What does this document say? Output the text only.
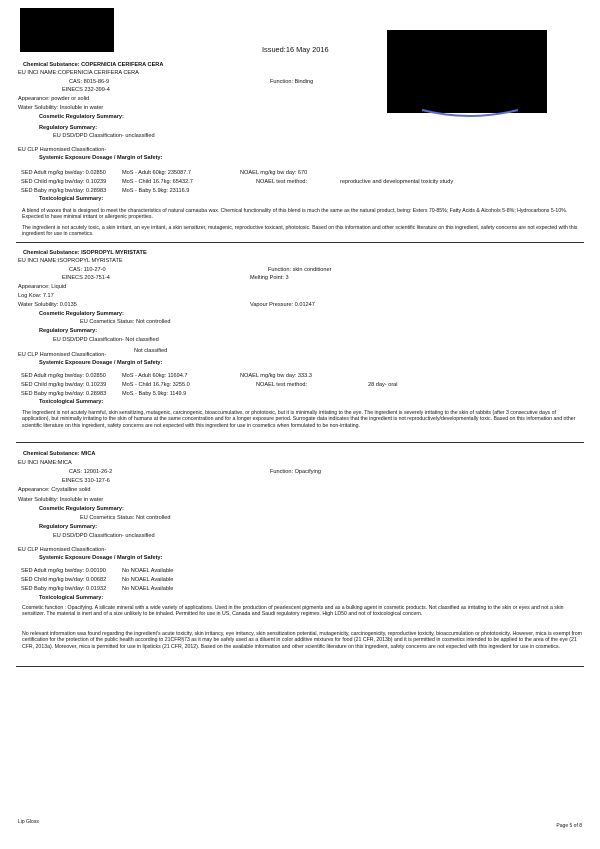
Issued:16 May 2016
Chemical Substance: COPERNICIA CERIFERA CERA
EU INCI NAME:COPERNICIA CERIFERA CERA
CAS: 8015-86-9	Function: Binding
EINECS 232-399-4
Appearance: powder or solid
Water Solubility: Insoluble in water
Cosmetic Regulatory Summary:
Regulatory Summary:
EU DSD/DPD Classification- unclassified
EU CLP Harmonised Classification-
Systemic Exposure Dosage / Margin of Safety:
SED Adult mg/kg bw/day: 0.02850	MoS - Adult 60kg: 235087.7
SED Child mg/kg bw/day: 0.10239	MoS - Child 16.7kg: 65432.7
SED Baby mg/kg bw/day: 0.28983	MoS - Baby 5.9kg: 23116.9
NOAEL mg/kg bw day: 670
NOAEL test method:	reproductive and developmental toxicity study
Toxicological Summary:
A blend of waxes that is designed to meet the characteristics of natural carnauba wax. Chemical functionality of this blend is much the same as the natural product, being: Esters 70-85%; Fatty Acids & Alcohols 5-8%; Hydrocarbons 5-10%. Expected to have minimal irritant or allergenic properties.
The ingredient is not acutely toxic, a skin irritant, an eye irritant, a skin sensitizer, mutagenic, reproductive toxicant, phototoxic. Based on this information and other scientific literature on this ingredient, safety concerns are not expected with this ingredient for use in cosmetics.
Chemical Substance: ISOPROPYL MYRISTATE
EU INCI NAME:ISOPROPYL MYRISTATE
CAS: 110-27-0	Function: skin conditioner
EINECS 203-751-4	Melting Point: 3
Appearance: Liquid
Log Kow: 7.17
Water Solubility: 0.0135	Vapour Pressure: 0.01247
Cosmetic Regulatory Summary:
EU Cosmetics Status: Not controlled
Regulatory Summary:
EU DSD/DPD Classification- Not classified
Not classified
EU CLP Harmonised Classification-
Systemic Exposure Dosage / Margin of Safety:
SED Adult mg/kg bw/day: 0.02850	MoS - Adult 60kg: 11694.7
SED Child mg/kg bw/day: 0.10239	MoS - Child 16.7kg: 3255.0
SED Baby mg/kg bw/day: 0.28983	MoS - Baby 5.9kg: 1149.9
NOAEL mg/kg bw day: 333.3
NOAEL test method:	28 day- oral
Toxicological Summary:
The ingredient is not acutely harmful, skin sensitizing, mutagenic, carcinogenic, bioaccumulative, or phototoxic, but it is minimally irritating to the eye. The ingredient is severely irritating to the skin of rabbits (after 3 consecutive days of application), but minimally irritating to the skin of humans at the same concentration and for a longer exposure period. Surrogate data indicates that the ingredient is not reproductively/developmentally toxic. Based on this information and other scientific literature on this ingredient, safety concerns are not expected with this ingredient for use in cosmetics when formulated to be non-irritating.
Chemical Substance: MICA
EU INCI NAME:MICA
CAS: 12001-26-2	Function: Opacifying
EINECS 310-127-6
Appearance: Crystalline solid
Water Solubility: Insoluble in water
Cosmetic Regulatory Summary:
EU Cosmetics Status: Not controlled
Regulatory Summary:
EU DSD/DPD Classification- unclassified
EU CLP Harmonised Classification-
Systemic Exposure Dosage / Margin of Safety:
SED Adult mg/kg bw/day: 0.00190	No NOAEL Available
SED Child mg/kg bw/day: 0.00682	No NOAEL Available
SED Baby mg/kg bw/day: 0.01932	No NOAEL Available
Toxicological Summary:
Cosmetic function : Opacifying. A silicate mineral with a wide variety of applications. Used in the production of pearlescent pigments and as a bulking agent in cosmetic products. Not classified as irritating to the skin or eyes and not a skin sensitizer. The material is inert and of a size unlikely to be inhaled. Permitted for use in US, Canada and Saudi regulatory regimes. High LD50 and not of toxicological concern.
No relevant information was found regarding the ingredient's acute toxicity, skin irritancy, eye irritancy, skin sensitization potential, mutagenicity, carcinogenicity, reproductive toxicity, bioaccumulation or phototoxicity. However, mica is exempt from certification for the protection of the public health according to 21CFR§73 as it may be safely used as a diluent in color additive mixtures for food (21 CFR, 2013b) and it is permitted in cosmetics intended to be applied to the area of the eye (21 CFR, 2013a). Moreover, mica is permitted for use in lipsticks (21 CFR, 2012). Based on the available information and other scientific literature on this ingredient, safety concerns are not expected with this ingredient for use in cosmetics.
Lip Gloss
Page 5 of 8
